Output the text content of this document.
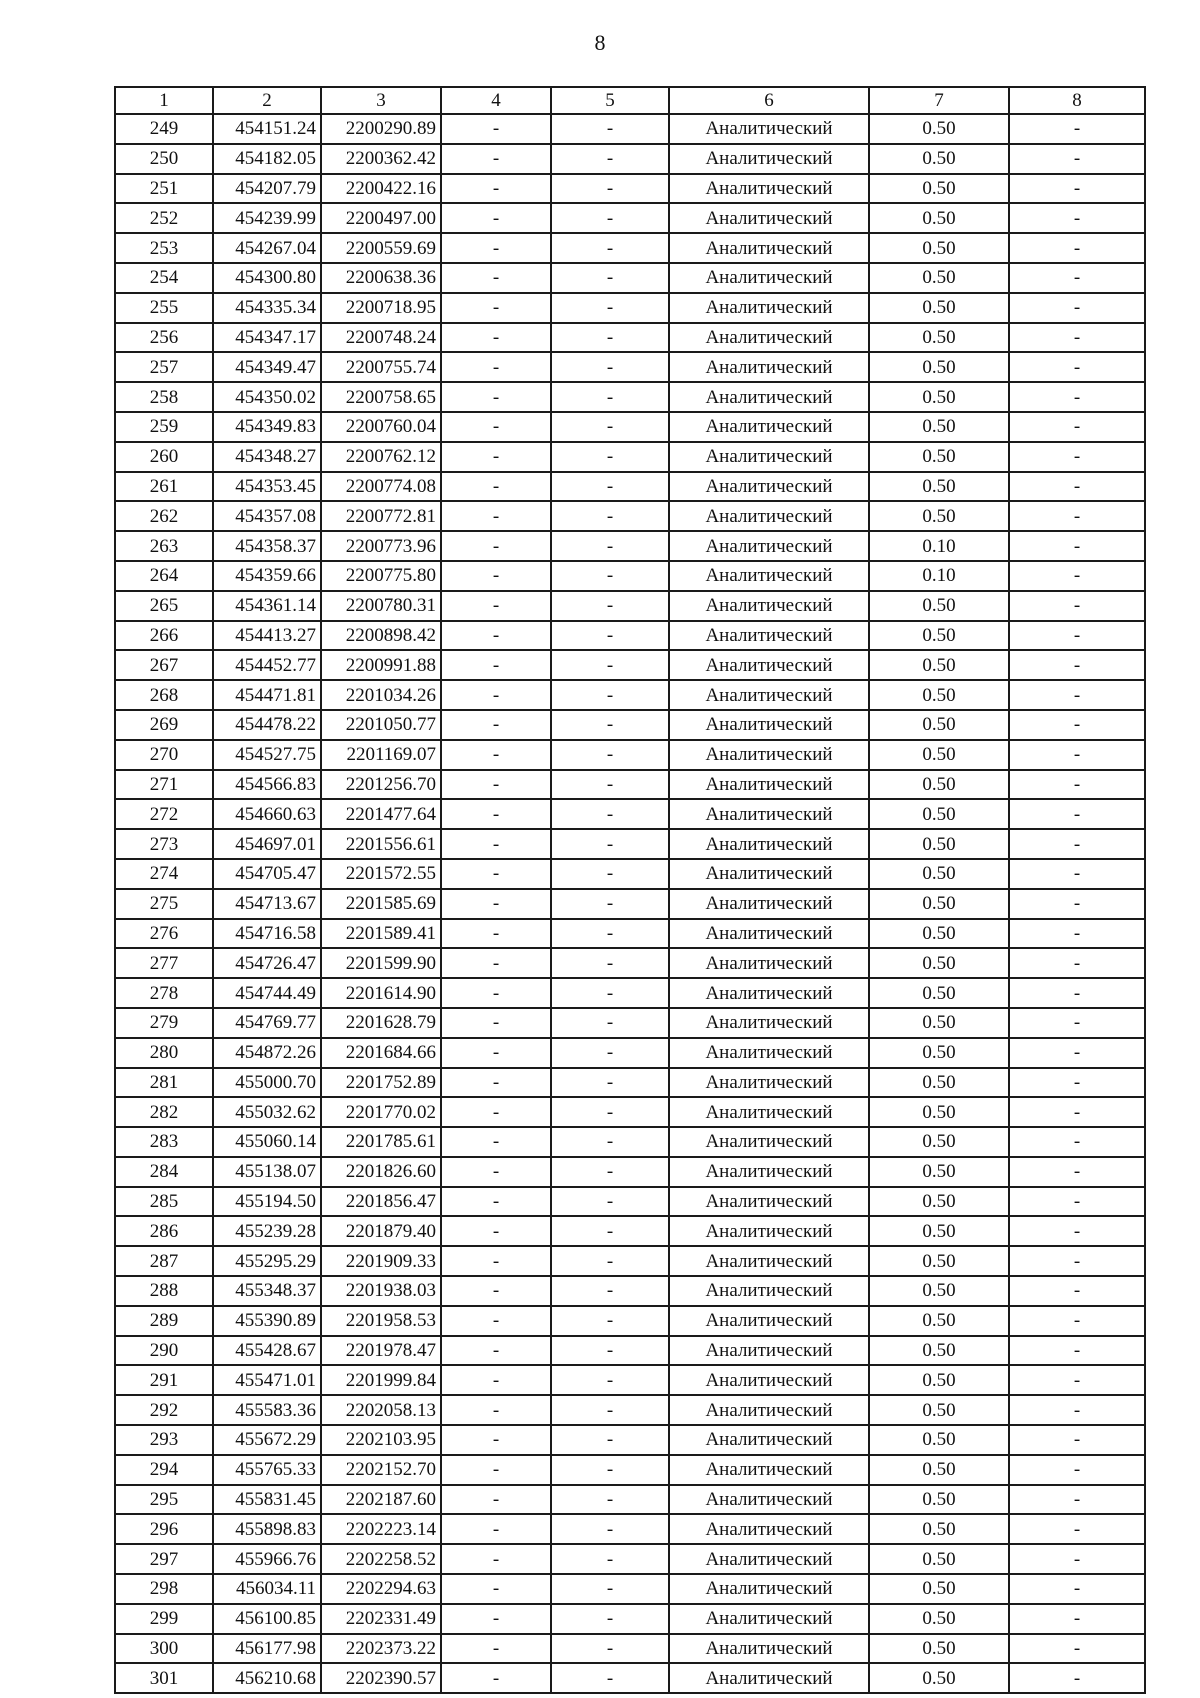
8
1	2	3	4	5	6	7	8
249	454151.24	2200290.89	-	-	Аналитический	0.50	-
250	454182.05	2200362.42	-	-	Аналитический	0.50	-
251	454207.79	2200422.16	-	-	Аналитический	0.50	-
252	454239.99	2200497.00	-	-	Аналитический	0.50	-
253	454267.04	2200559.69	-	-	Аналитический	0.50	-
254	454300.80	2200638.36	-	-	Аналитический	0.50	-
255	454335.34	2200718.95	-	-	Аналитический	0.50	-
256	454347.17	2200748.24	-	-	Аналитический	0.50	-
257	454349.47	2200755.74	-	-	Аналитический	0.50	-
258	454350.02	2200758.65	-	-	Аналитический	0.50	-
259	454349.83	2200760.04	-	-	Аналитический	0.50	-
260	454348.27	2200762.12	-	-	Аналитический	0.50	-
261	454353.45	2200774.08	-	-	Аналитический	0.50	-
262	454357.08	2200772.81	-	-	Аналитический	0.50	-
263	454358.37	2200773.96	-	-	Аналитический	0.10	-
264	454359.66	2200775.80	-	-	Аналитический	0.10	-
265	454361.14	2200780.31	-	-	Аналитический	0.50	-
266	454413.27	2200898.42	-	-	Аналитический	0.50	-
267	454452.77	2200991.88	-	-	Аналитический	0.50	-
268	454471.81	2201034.26	-	-	Аналитический	0.50	-
269	454478.22	2201050.77	-	-	Аналитический	0.50	-
270	454527.75	2201169.07	-	-	Аналитический	0.50	-
271	454566.83	2201256.70	-	-	Аналитический	0.50	-
272	454660.63	2201477.64	-	-	Аналитический	0.50	-
273	454697.01	2201556.61	-	-	Аналитический	0.50	-
274	454705.47	2201572.55	-	-	Аналитический	0.50	-
275	454713.67	2201585.69	-	-	Аналитический	0.50	-
276	454716.58	2201589.41	-	-	Аналитический	0.50	-
277	454726.47	2201599.90	-	-	Аналитический	0.50	-
278	454744.49	2201614.90	-	-	Аналитический	0.50	-
279	454769.77	2201628.79	-	-	Аналитический	0.50	-
280	454872.26	2201684.66	-	-	Аналитический	0.50	-
281	455000.70	2201752.89	-	-	Аналитический	0.50	-
282	455032.62	2201770.02	-	-	Аналитический	0.50	-
283	455060.14	2201785.61	-	-	Аналитический	0.50	-
284	455138.07	2201826.60	-	-	Аналитический	0.50	-
285	455194.50	2201856.47	-	-	Аналитический	0.50	-
286	455239.28	2201879.40	-	-	Аналитический	0.50	-
287	455295.29	2201909.33	-	-	Аналитический	0.50	-
288	455348.37	2201938.03	-	-	Аналитический	0.50	-
289	455390.89	2201958.53	-	-	Аналитический	0.50	-
290	455428.67	2201978.47	-	-	Аналитический	0.50	-
291	455471.01	2201999.84	-	-	Аналитический	0.50	-
292	455583.36	2202058.13	-	-	Аналитический	0.50	-
293	455672.29	2202103.95	-	-	Аналитический	0.50	-
294	455765.33	2202152.70	-	-	Аналитический	0.50	-
295	455831.45	2202187.60	-	-	Аналитический	0.50	-
296	455898.83	2202223.14	-	-	Аналитический	0.50	-
297	455966.76	2202258.52	-	-	Аналитический	0.50	-
298	456034.11	2202294.63	-	-	Аналитический	0.50	-
299	456100.85	2202331.49	-	-	Аналитический	0.50	-
300	456177.98	2202373.22	-	-	Аналитический	0.50	-
301	456210.68	2202390.57	-	-	Аналитический	0.50	-
